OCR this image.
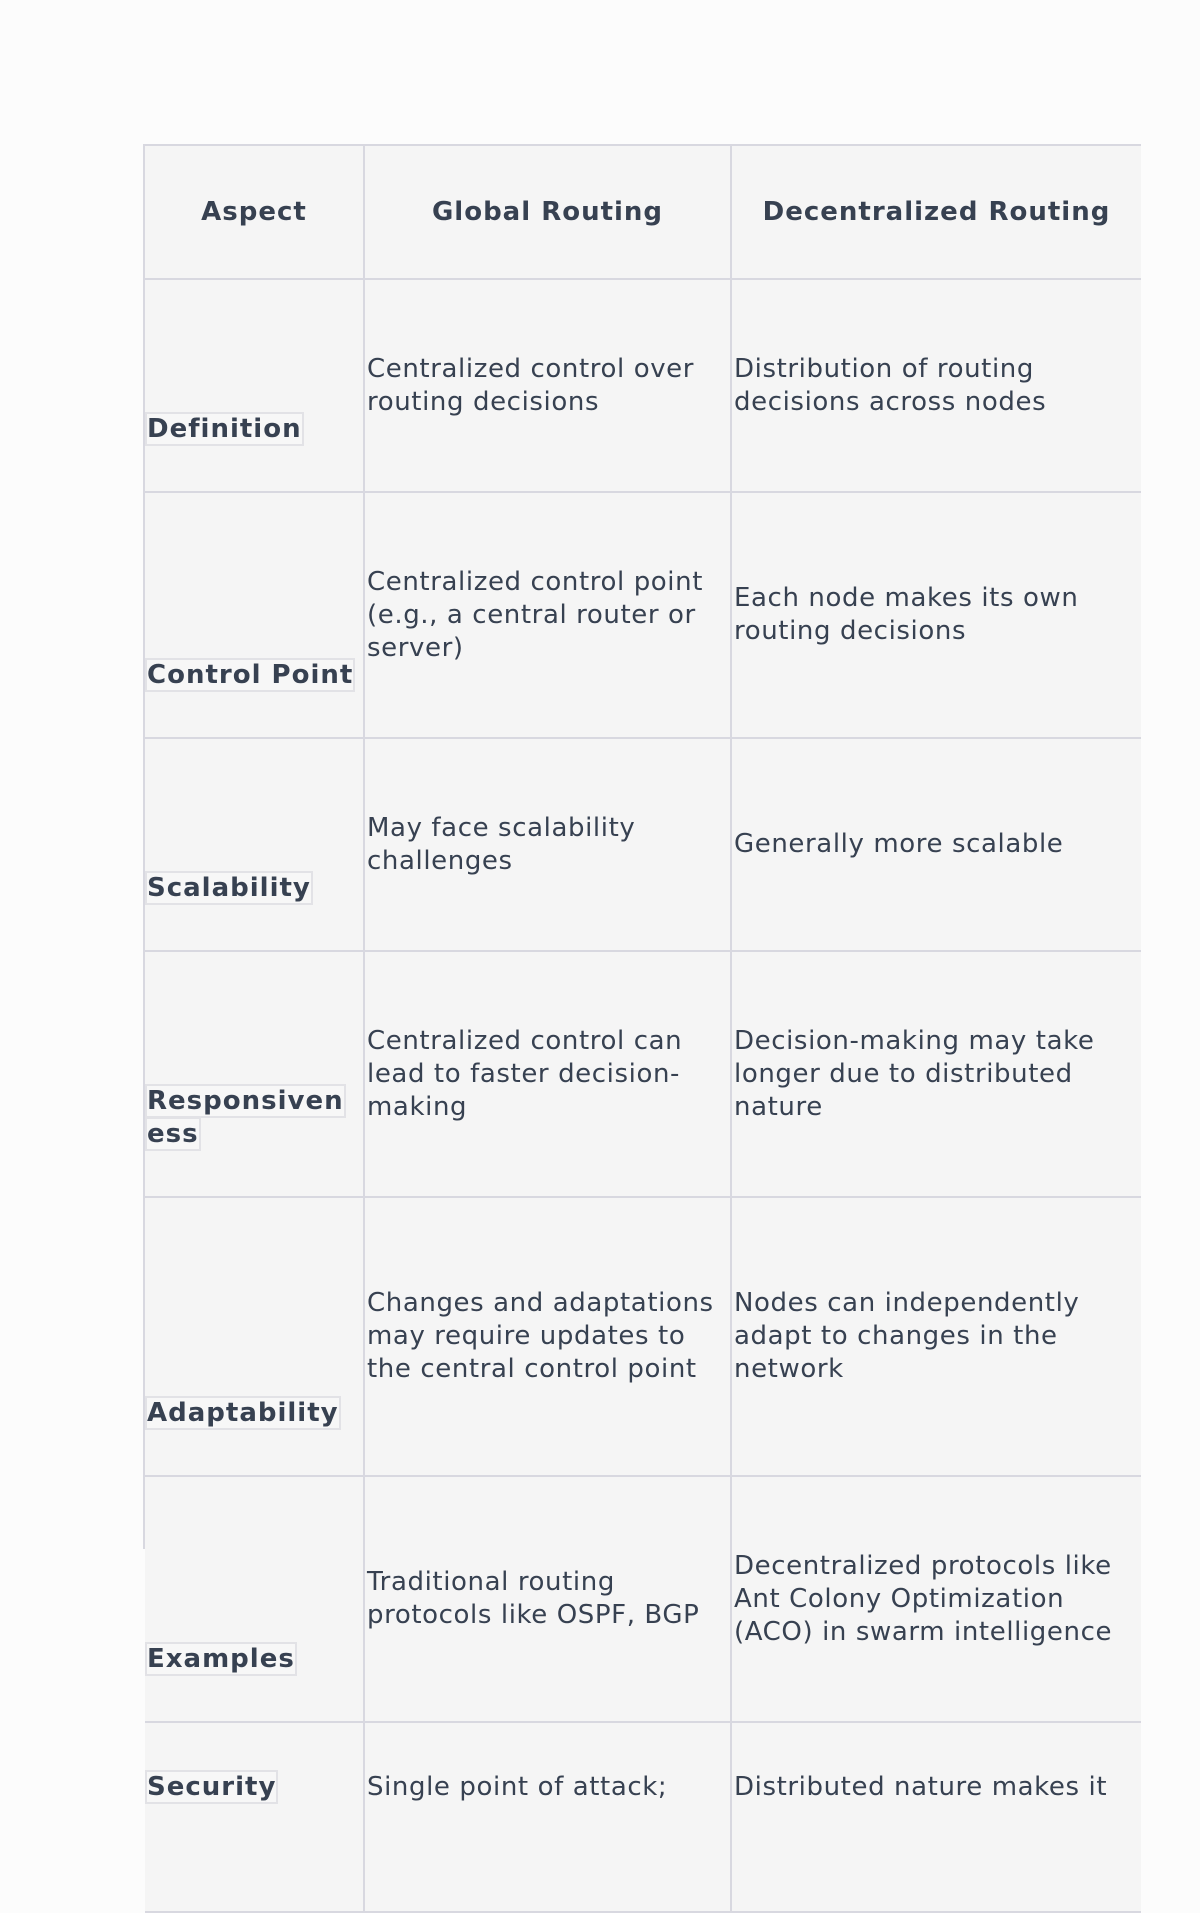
Aspect	Global Routing	Decentralized Routing
Definition	Centralized control over routing decisions	Distribution of routing decisions across nodes
Control Point	Centralized control point (e.g., a central router or server)	Each node makes its own routing decisions
Scalability	May face scalability challenges	Generally more scalable
Responsiveness	Centralized control can lead to faster decision-making	Decision-making may take longer due to distributed nature
Adaptability	Changes and adaptations may require updates to the central control point	Nodes can independently adapt to changes in the network
Examples	Traditional routing protocols like OSPF, BGP	Decentralized protocols like Ant Colony Optimization (ACO) in swarm intelligence
Security	Single point of attack;	Distributed nature makes it
